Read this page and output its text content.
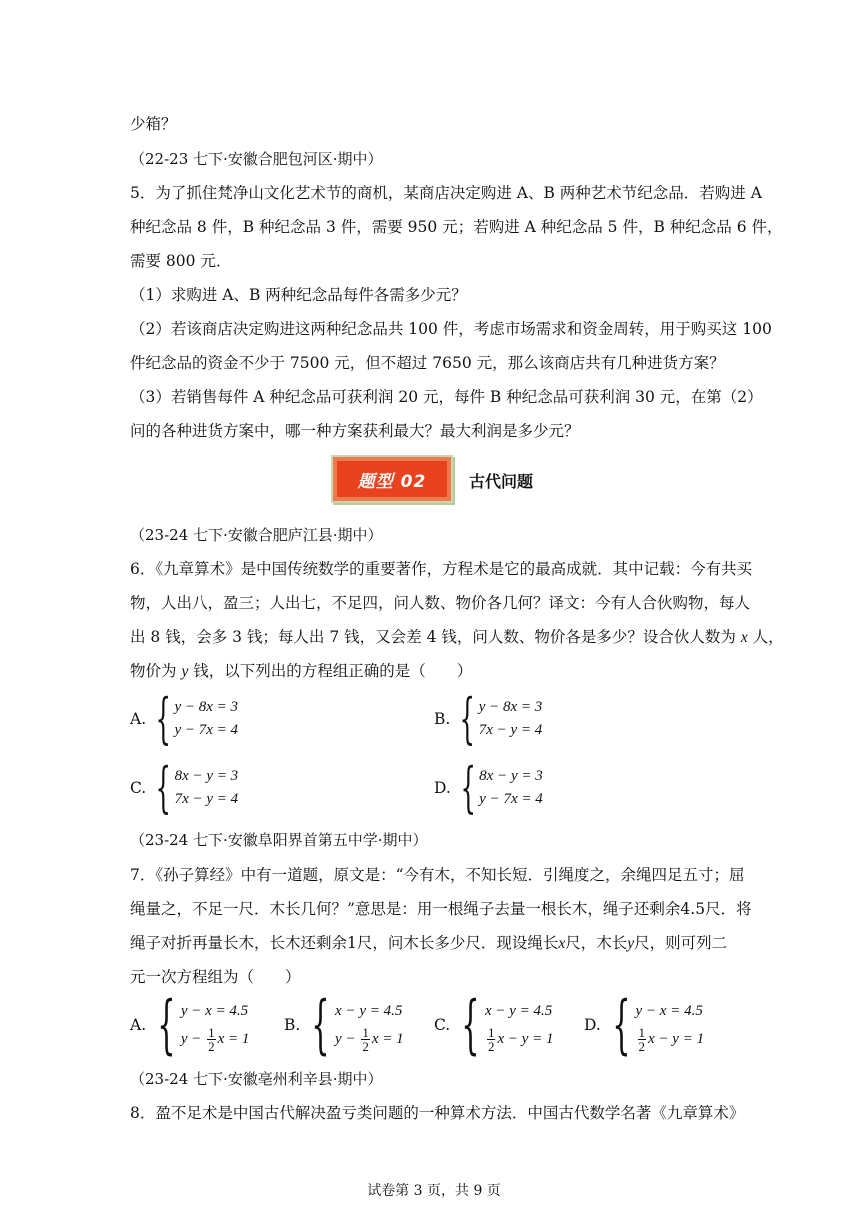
少箱？
（22-23 七下·安徽合肥包河区·期中）
5．为了抓住梵净山文化艺术节的商机，某商店决定购进 A、B 两种艺术节纪念品．若购进 A
种纪念品 8 件，B 种纪念品 3 件，需要 950 元；若购进 A 种纪念品 5 件，B 种纪念品 6 件，
需要 800 元．
（1）求购进 A、B 两种纪念品每件各需多少元？
（2）若该商店决定购进这两种纪念品共 100 件，考虑市场需求和资金周转，用于购买这 100
件纪念品的资金不少于 7500 元，但不超过 7650 元，那么该商店共有几种进货方案？
（3）若销售每件 A 种纪念品可获利润 20 元，每件 B 种纪念品可获利润 30 元，在第（2）
问的各种进货方案中，哪一种方案获利最大？最大利润是多少元？
题型 02	古代问题
（23-24 七下·安徽合肥庐江县·期中）
6．《九章算术》是中国传统数学的重要著作，方程术是它的最高成就．其中记载：今有共买
物，人出八，盈三；人出七，不足四，问人数、物价各几何？译文：今有人合伙购物，每人
出 8 钱，会多 3 钱；每人出 7 钱，又会差 4 钱，问人数、物价各是多少？设合伙人数为 x 人，
物价为 y 钱，以下列出的方程组正确的是（　　）
A. { y − 8x = 3
y − 7x = 4
B. { y − 8x = 3
7x − y = 4
C. { 8x − y = 3
7x − y = 4
D. { 8x − y = 3
y − 7x = 4
（23-24 七下·安徽阜阳界首第五中学·期中）
7．《孙子算经》中有一道题，原文是：“今有木，不知长短．引绳度之，余绳四足五寸；屈
绳量之，不足一尺．木长几何？”意思是：用一根绳子去量一根长木，绳子还剩余4.5尺．将
绳子对折再量长木，长木还剩余1尺，问木长多少尺．现设绳长x尺，木长y尺，则可列二
元一次方程组为（　　）
A. { y − x = 4.5
$y - \frac{1}{2}$ x = 1
B. { x − y = 4.5
$y - \frac{1}{2}$ x = 1
C. { x − y = 4.5
$\frac{1}{2}$ x − y = 1
D. { y − x = 4.5
$\frac{1}{2}$ x − y = 1
（23-24 七下·安徽亳州利辛县·期中）
8．盈不足术是中国古代解决盈亏类问题的一种算术方法．中国古代数学名著《九章算术》
试卷第 3 页，共 9 页
